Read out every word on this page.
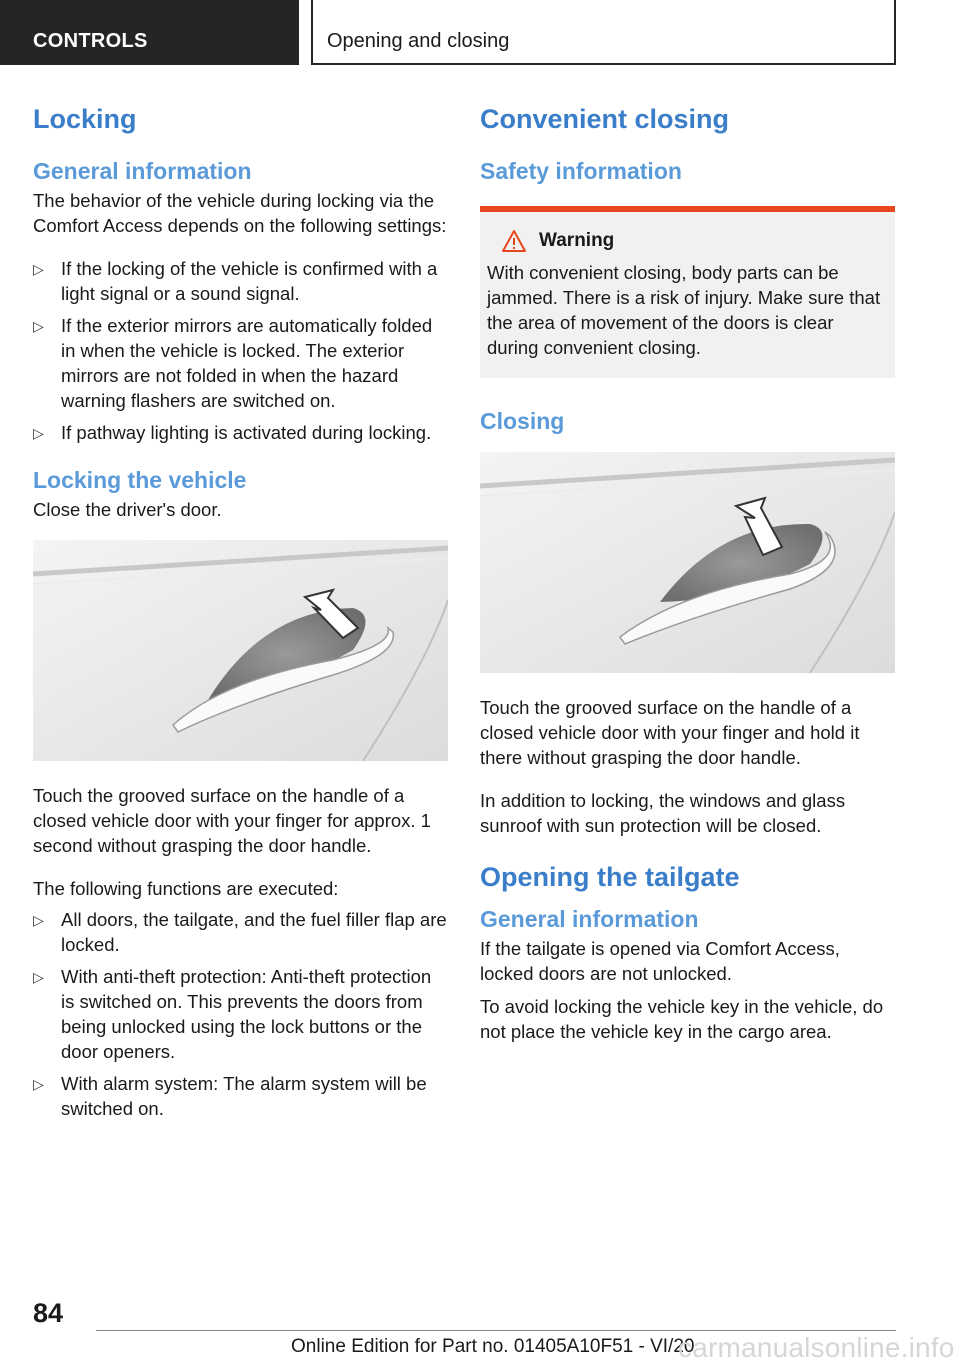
CONTROLS	Opening and closing
Locking
General information

The behavior of the vehicle during locking via the Comfort Access depends on the following settings:

▷ If the locking of the vehicle is confirmed with a light signal or a sound signal.
▷ If the exterior mirrors are automatically folded in when the vehicle is locked. The exterior mirrors are not folded in when the hazard warning flashers are switched on.
▷ If pathway lighting is activated during locking.
Locking the vehicle

Close the driver's door.

Touch the grooved surface on the handle of a closed vehicle door with your finger for approx. 1 second without grasping the door handle.

The following functions are executed:

▷ All doors, the tailgate, and the fuel filler flap are locked.
▷ With anti-theft protection: Anti-theft protection is switched on. This prevents the doors from being unlocked using the lock buttons or the door openers.
▷ With alarm system: The alarm system will be switched on.
Convenient closing
Safety information
Warning

With convenient closing, body parts can be jammed. There is a risk of injury. Make sure that the area of movement of the doors is clear during convenient closing.

Closing

Touch the grooved surface on the handle of a closed vehicle door with your finger and hold it there without grasping the door handle.

In addition to locking, the windows and glass sunroof with sun protection will be closed.

Opening the tailgate
General information

If the tailgate is opened via Comfort Access, locked doors are not unlocked.

To avoid locking the vehicle key in the vehicle, do not place the vehicle key in the cargo area.

84
Online Edition for Part no. 01405A10F51 - VI/20
carmanualsonline.info
